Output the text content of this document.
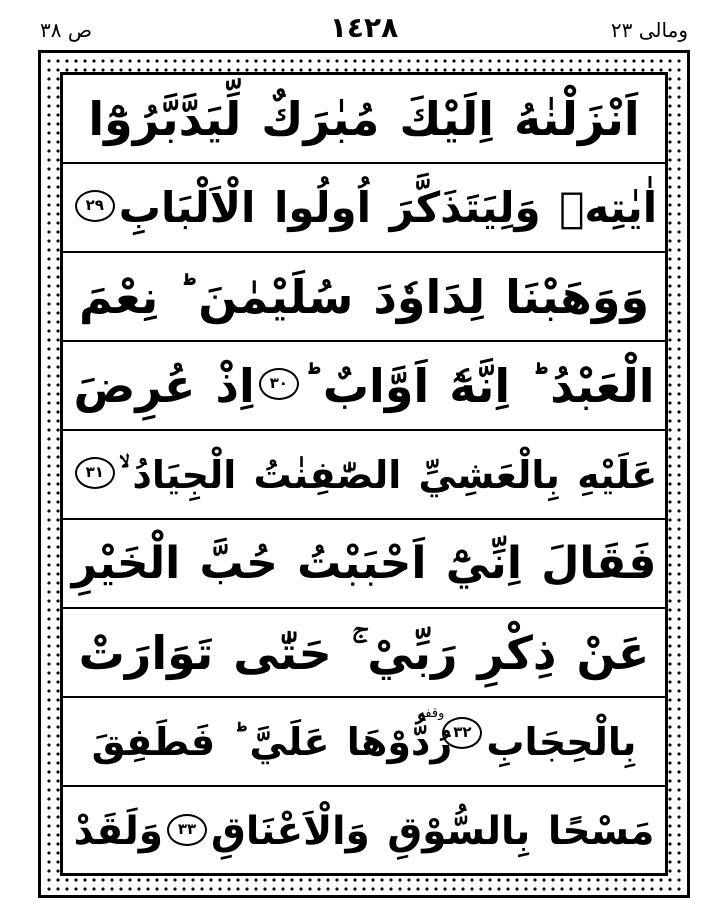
ومالى ٢٣
١٤٢٨
ص ٣٨
اَنْزَلْنٰهُ اِلَيْكَ مُبٰرَكٌ لِّيَدَّبَّرُوْٓا
اٰيٰتِهٖ وَلِيَتَذَكَّرَ اُولُوا الْاَلْبَابِ
٢٩
وَوَهَبْنَا لِدَاوٗدَ سُلَيْمٰنَ ؕ نِعْمَ
الْعَبْدُ ؕ اِنَّهٗٓ اَوَّابٌ ؕ
٣٠
اِذْ عُرِضَ
عَلَيْهِ بِالْعَشِيِّ الصّٰفِنٰتُ الْجِيَادُ ۙ
٣١
فَقَالَ اِنِّيْٓ اَحْبَبْتُ حُبَّ الْخَيْرِ
عَنْ ذِكْرِ رَبِّيْ ۚ حَتّٰى تَوَارَتْ
بِالْحِجَابِ
٣٢
وقفه
رُدُّوْهَا عَلَيَّ ؕ فَطَفِقَ
مَسْحًا بِالسُّوْقِ وَالْاَعْنَاقِ
٣٣
وَلَقَدْ
